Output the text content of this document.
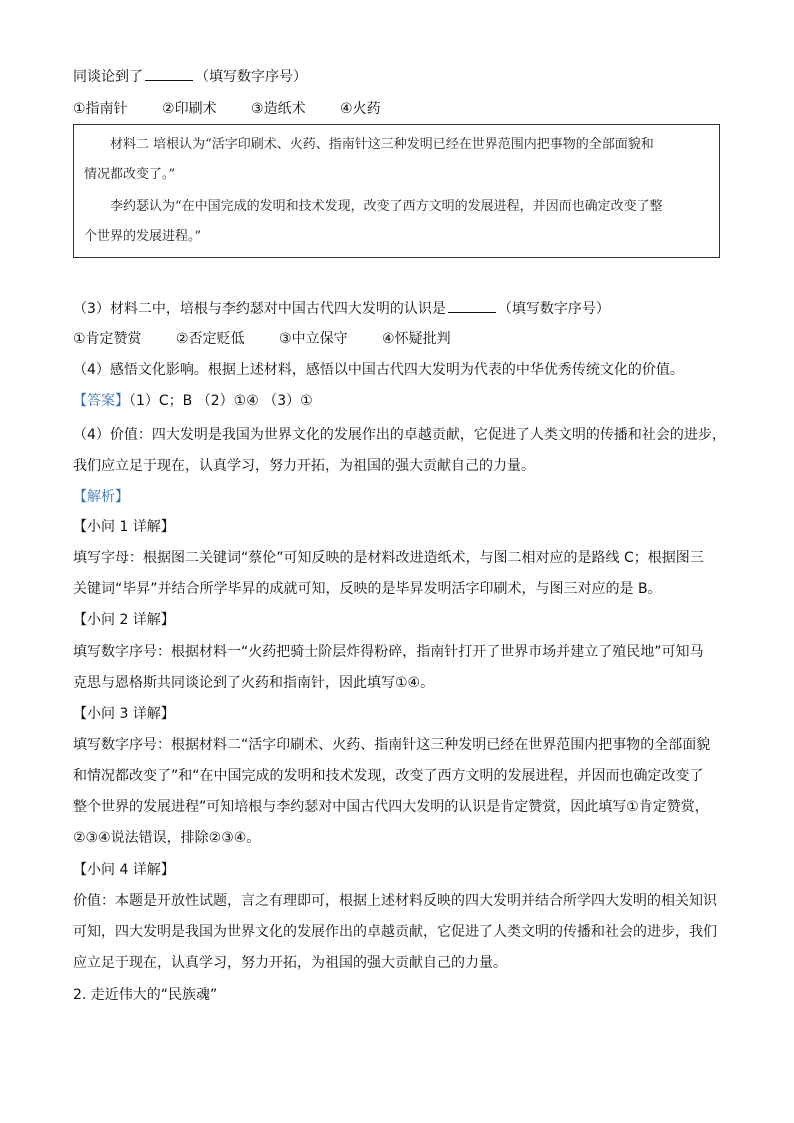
同谈论到了	（填写数字序号）
①指南针 ②印刷术 ③造纸术 ④火药
材料二 培根认为“活字印刷术、火药、指南针这三种发明已经在世界范围内把事物的全部面貌和
情况都改变了。”
李约瑟认为“在中国完成的发明和技术发现，改变了西方文明的发展进程，并因而也确定改变了整
个世界的发展进程。”
（3）材料二中，培根与李约瑟对中国古代四大发明的认识是	（填写数字序号）
①肯定赞赏 ②否定贬低 ③中立保守 ④怀疑批判
（4）感悟文化影响。根据上述材料，感悟以中国古代四大发明为代表的中华优秀传统文化的价值。
【答案】（1）C；B （2）①④ （3）①
（4）价值：四大发明是我国为世界文化的发展作出的卓越贡献，它促进了人类文明的传播和社会的进步，
我们应立足于现在，认真学习，努力开拓，为祖国的强大贡献自己的力量。
【解析】
【小问 1 详解】
填写字母：根据图二关键词“蔡伦”可知反映的是材料改进造纸术，与图二相对应的是路线 C；根据图三
关键词“毕昇”并结合所学毕昇的成就可知，反映的是毕昇发明活字印刷术，与图三对应的是 B。
【小问 2 详解】
填写数字序号：根据材料一“火药把骑士阶层炸得粉碎，指南针打开了世界市场并建立了殖民地”可知马
克思与恩格斯共同谈论到了火药和指南针，因此填写①④。
【小问 3 详解】
填写数字序号：根据材料二“活字印刷术、火药、指南针这三种发明已经在世界范围内把事物的全部面貌
和情况都改变了”和“在中国完成的发明和技术发现，改变了西方文明的发展进程，并因而也确定改变了
整个世界的发展进程”可知培根与李约瑟对中国古代四大发明的认识是肯定赞赏，因此填写①肯定赞赏，
②③④说法错误，排除②③④。
【小问 4 详解】
价值：本题是开放性试题，言之有理即可，根据上述材料反映的四大发明并结合所学四大发明的相关知识
可知，四大发明是我国为世界文化的发展作出的卓越贡献，它促进了人类文明的传播和社会的进步，我们
应立足于现在，认真学习，努力开拓，为祖国的强大贡献自己的力量。
2. 走近伟大的“民族魂”
